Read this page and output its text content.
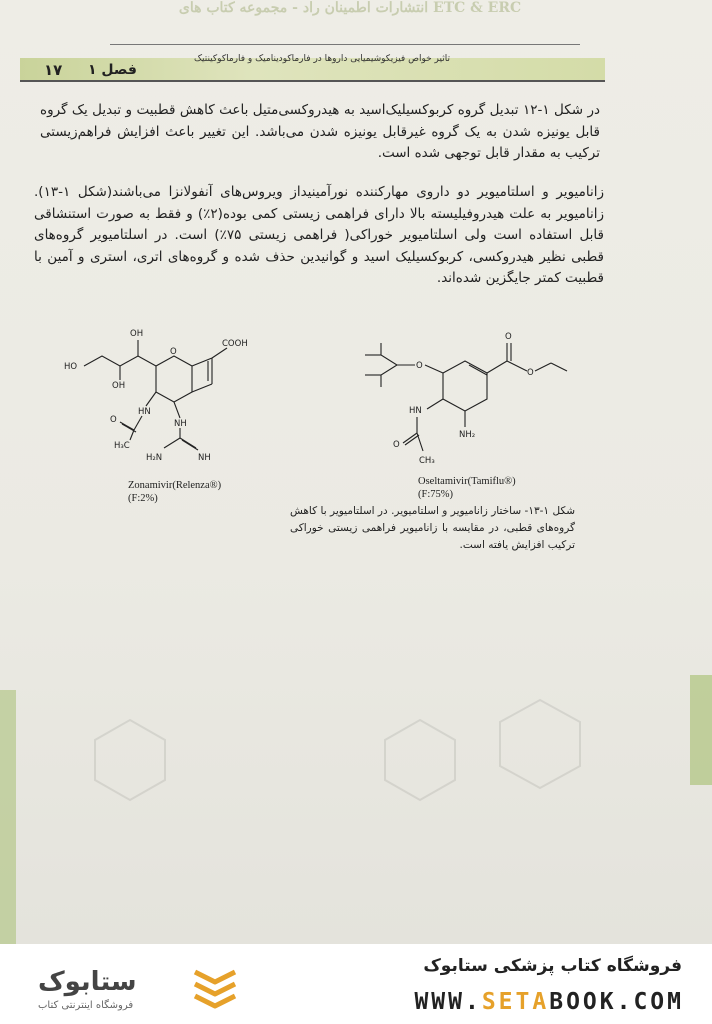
انتشارات اطمینان راد - مجموعه کتاب های ETC & ERC
تاثیر خواص فیزیکوشیمیایی داروها در فارماکودینامیک و فارماکوکینتیک
فصل ۱
۱۷
در شکل ۱-۱۲ تبدیل گروه کربوکسیلیک‌اسید به هیدروکسی‌متیل باعث کاهش قطبیت و تبدیل یک گروه قابل یونیزه شدن به یک گروه غیرقابل یونیزه شدن می‌باشد. این تغییر باعث افزایش فراهم‌زیستی ترکیب به مقدار قابل توجهی شده است.
زانامیویر و اسلتامیویر دو داروی مهارکننده نورآمینیداز ویروس‌های آنفولانزا می‌باشند(شکل ۱-۱۳). زانامیویر به علت هیدروفیلیسته بالا دارای فراهمی زیستی کمی بوده(۲٪) و فقط به صورت استنشاقی قابل استفاده است ولی اسلتامیویر خوراکی( فراهمی زیستی ۷۵٪) است. در اسلتامیویر گروه‌های قطبی نظیر هیدروکسی، کربوکسیلیک اسید و گوانیدین حذف شده و گروه‌های اتری، استری و آمین با قطبیت کمتر جایگزین شده‌اند.
HO
OH
OH
O
COOH
HN
NH
O
H₃C
H₂N	NH
Zonamivir(Relenza®)
(F:2%)
O
O
O
HN
NH₂
O
CH₃
Oseltamivir(Tamiflu®)
(F:75%)
شکل ۱-۱۳- ساختار زانامیویر و اسلتامیویر. در اسلتامیویر با کاهش گروه‌های قطبی، در مقایسه با زانامیویر فراهمی زیستی خوراکی ترکیب افزایش یافته است.
ستابوک
فروشگاه اینترنتی کتاب
فروشگاه کتاب پزشکی ستابوک
WWW.SETABOOK.COM
